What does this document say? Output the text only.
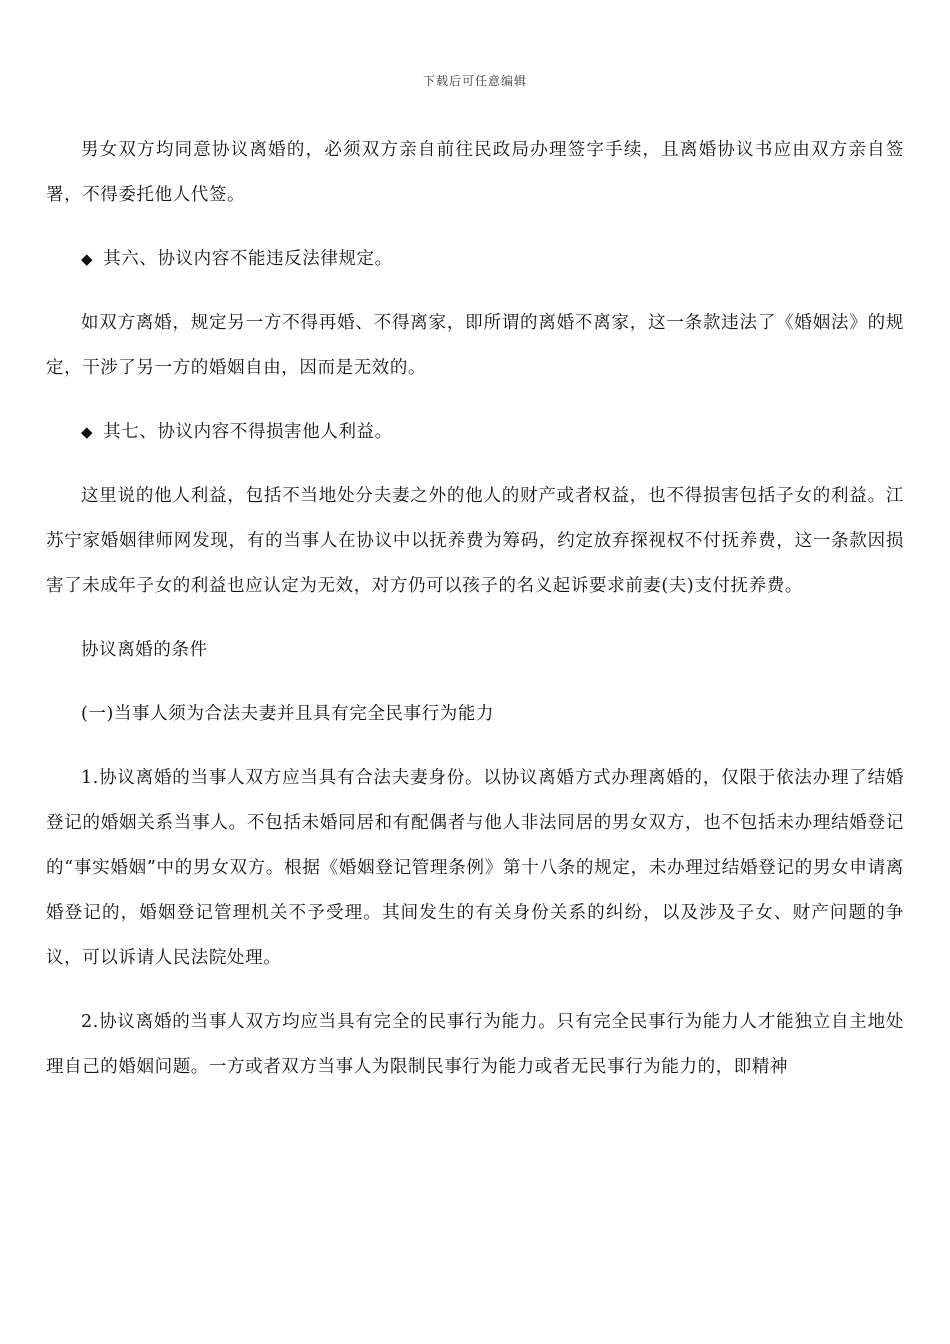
下载后可任意编辑

男女双方均同意协议离婚的，必须双方亲自前往民政局办理签字手续，且离婚协议书应由双方亲自签署，不得委托他人代签。

◆ 其六、协议内容不能违反法律规定。

如双方离婚，规定另一方不得再婚、不得离家，即所谓的离婚不离家，这一条款违法了《婚姻法》的规定，干涉了另一方的婚姻自由，因而是无效的。

◆ 其七、协议内容不得损害他人利益。

这里说的他人利益，包括不当地处分夫妻之外的他人的财产或者权益，也不得损害包括子女的利益。江苏宁家婚姻律师网发现，有的当事人在协议中以抚养费为筹码，约定放弃探视权不付抚养费，这一条款因损害了未成年子女的利益也应认定为无效，对方仍可以孩子的名义起诉要求前妻(夫)支付抚养费。

协议离婚的条件

(一)当事人须为合法夫妻并且具有完全民事行为能力

1.协议离婚的当事人双方应当具有合法夫妻身份。以协议离婚方式办理离婚的，仅限于依法办理了结婚登记的婚姻关系当事人。不包括未婚同居和有配偶者与他人非法同居的男女双方，也不包括未办理结婚登记的“事实婚姻”中的男女双方。根据《婚姻登记管理条例》第十八条的规定，未办理过结婚登记的男女申请离婚登记的，婚姻登记管理机关不予受理。其间发生的有关身份关系的纠纷，以及涉及子女、财产问题的争议，可以诉请人民法院处理。

2.协议离婚的当事人双方均应当具有完全的民事行为能力。只有完全民事行为能力人才能独立自主地处理自己的婚姻问题。一方或者双方当事人为限制民事行为能力或者无民事行为能力的，即精神
